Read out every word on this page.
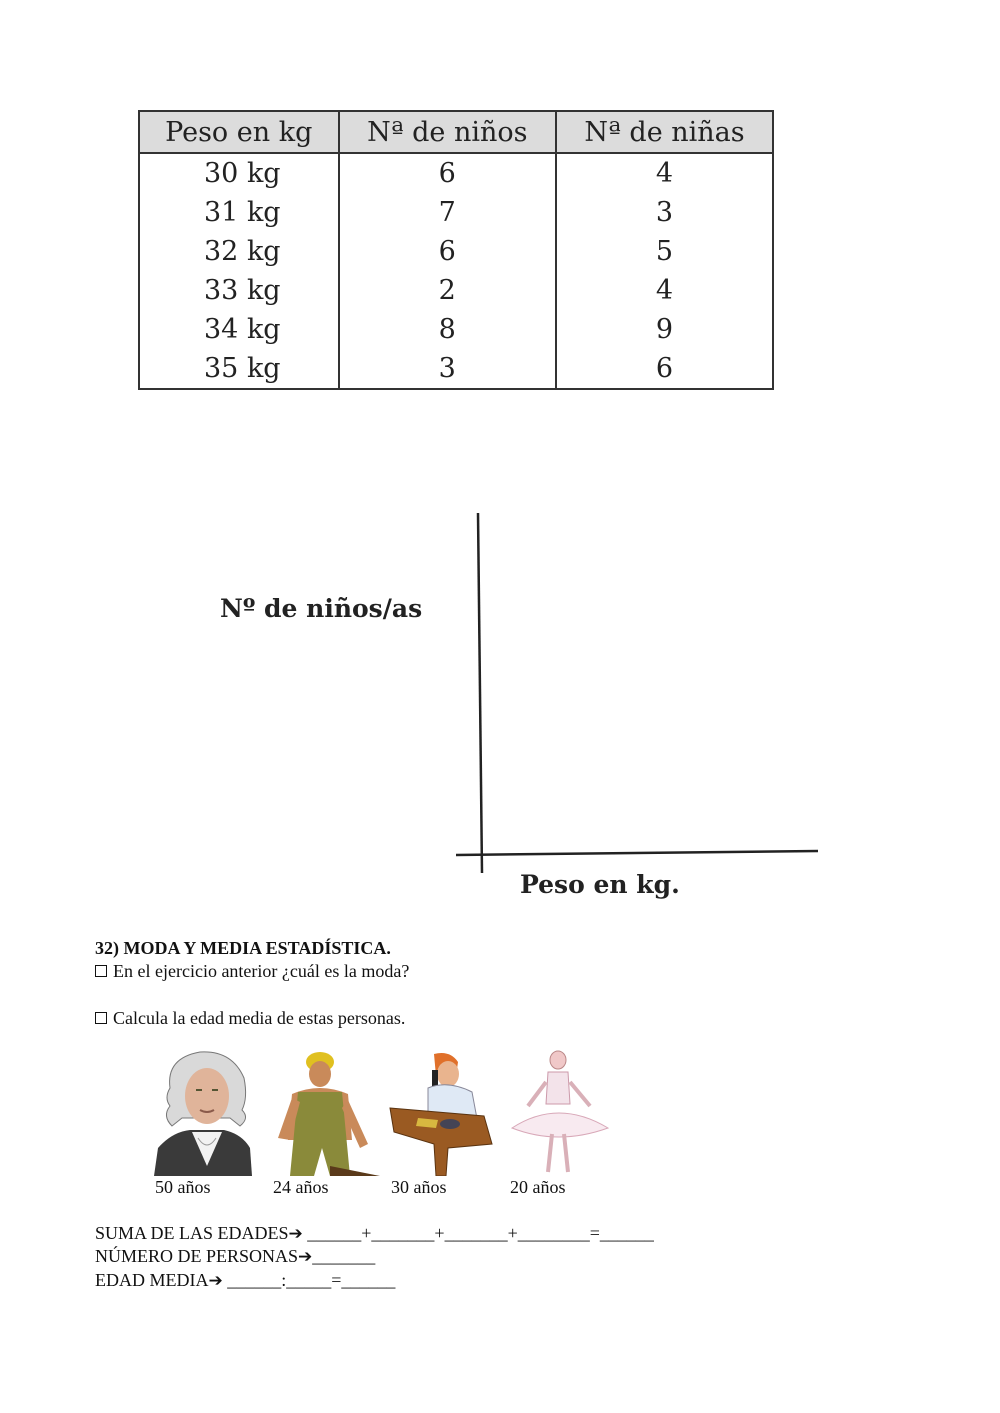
Peso en kg	Nª de niños	Nª de niñas
30 kg	6	4
31 kg	7	3
32 kg	6	5
33 kg	2	4
34 kg	8	9
35 kg	3	6
Nº de niños/as
Peso en kg.
32) MODA Y MEDIA ESTADÍSTICA.
En el ejercicio anterior ¿cuál es la moda?
Calcula la edad media de estas personas.
50 años	24 años	30 años	20 años
SUMA DE LAS EDADES➔ ______+_______+_______+________=______
NÚMERO DE PERSONAS➔_______
EDAD MEDIA➔ ______:_____=______
